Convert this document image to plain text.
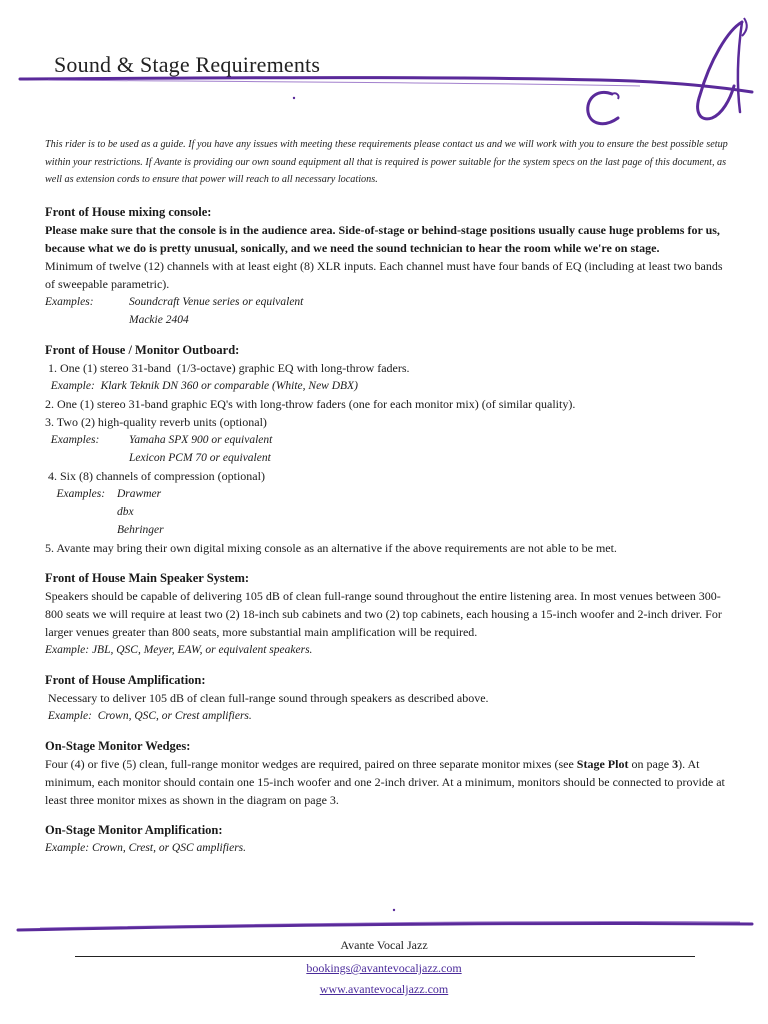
Sound & Stage Requirements
This rider is to be used as a guide. If you have any issues with meeting these requirements please contact us and we will work with you to ensure the best possible setup within your restrictions. If Avante is providing our own sound equipment all that is required is power suitable for the system specs on the last page of this document, as well as extension cords to ensure that power will reach to all necessary locations.

Front of House mixing console:

Please make sure that the console is in the audience area. Side-of-stage or behind-stage positions usually cause huge problems for us, because what we do is pretty unusual, sonically, and we need the sound technician to hear the room while we're on stage.

Minimum of twelve (12) channels with at least eight (8) XLR inputs. Each channel must have four bands of EQ (including at least two bands of sweepable parametric).

Examples:	Soundcraft Venue series or equivalent
Mackie 2404

Front of House / Monitor Outboard:

1. One (1) stereo 31-band  (1/3-octave) graphic EQ with long-throw faders.

Example:  Klark Teknik DN 360 or comparable (White, New DBX)

2. One (1) stereo 31-band graphic EQ's with long-throw faders (one for each monitor mix) (of similar quality).

3. Two (2) high-quality reverb units (optional)

Examples:	Yamaha SPX 900 or equivalent
Lexicon PCM 70 or equivalent

4. Six (8) channels of compression (optional)

Examples:	Drawmer
dbx
Behringer

5. Avante may bring their own digital mixing console as an alternative if the above requirements are not able to be met.

Front of House Main Speaker System:

Speakers should be capable of delivering 105 dB of clean full-range sound throughout the entire listening area. In most venues between 300-800 seats we will require at least two (2) 18-inch sub cabinets and two (2) top cabinets, each housing a 15-inch woofer and 2-inch driver. For larger venues greater than 800 seats, more substantial main amplification will be required.

Example: JBL, QSC, Meyer, EAW, or equivalent speakers.

Front of House Amplification:

Necessary to deliver 105 dB of clean full-range sound through speakers as described above.

Example:  Crown, QSC, or Crest amplifiers.

On-Stage Monitor Wedges:

Four (4) or five (5) clean, full-range monitor wedges are required, paired on three separate monitor mixes (see Stage Plot on page 3). At minimum, each monitor should contain one 15-inch woofer and one 2-inch driver. At a minimum, monitors should be connected to provide at least three monitor mixes as shown in the diagram on page 3.

On-Stage Monitor Amplification:

Example: Crown, Crest, or QSC amplifiers.

Avante Vocal Jazz
bookings@avantevocaljazz.com
www.avantevocaljazz.com
